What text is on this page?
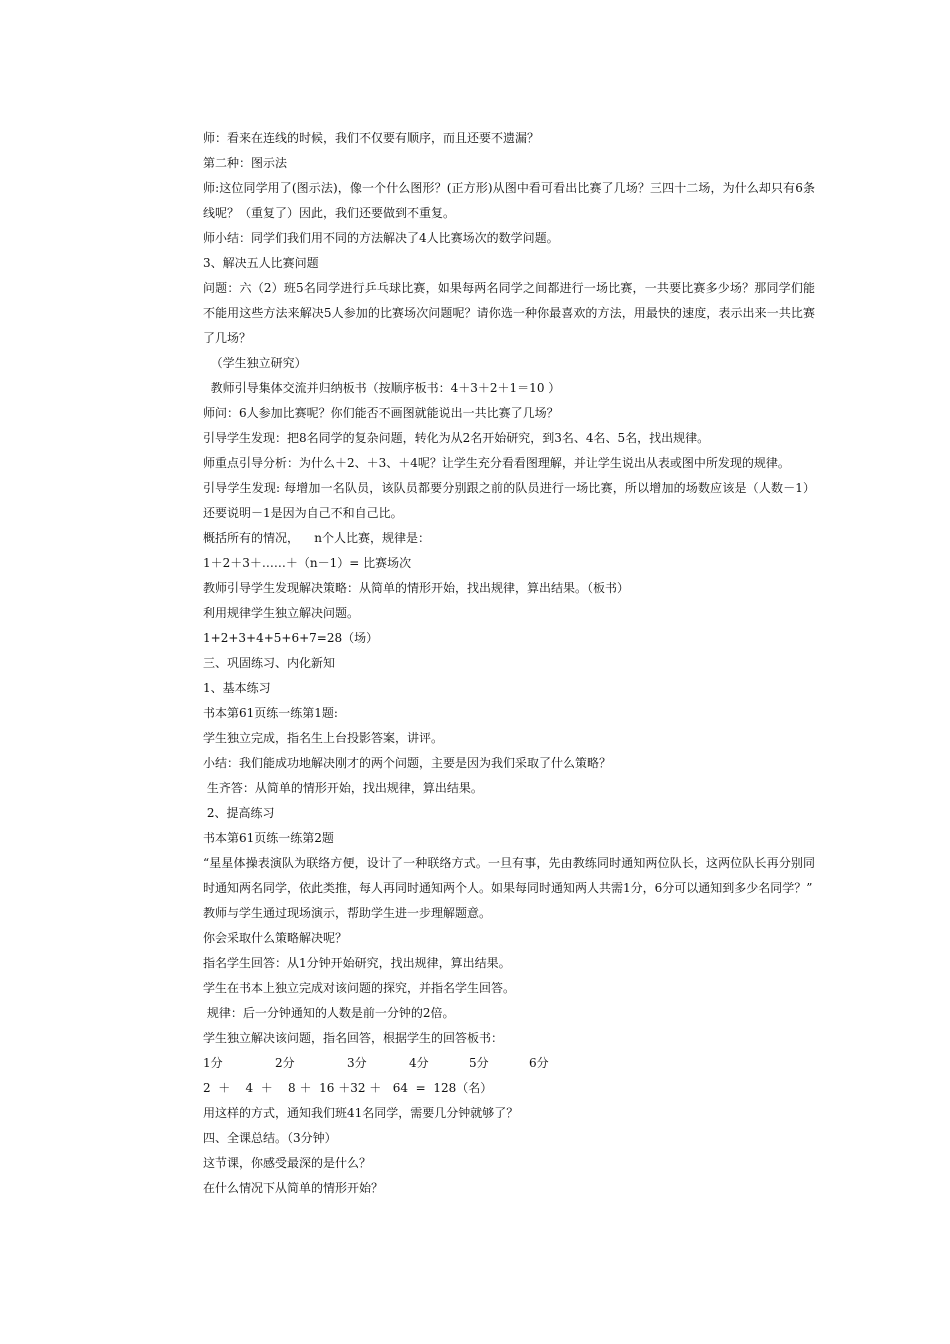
师：看来在连线的时候，我们不仅要有顺序，而且还要不遗漏？

第二种：图示法

师:这位同学用了(图示法)，像一个什么图形？(正方形)从图中看可看出比赛了几场？三四十二场，为什么却只有6条线呢？（重复了）因此，我们还要做到不重复。

师小结：同学们我们用不同的方法解决了4人比赛场次的数学问题。

3、解决五人比赛问题

问题：六（2）班5名同学进行乒乓球比赛，如果每两名同学之间都进行一场比赛，一共要比赛多少场？那同学们能不能用这些方法来解决5人参加的比赛场次问题呢？请你选一种你最喜欢的方法，用最快的速度，表示出来一共比赛了几场？

（学生独立研究）

教师引导集体交流并归纳板书（按顺序板书：4＋3＋2＋1＝10 ）

师问：6人参加比赛呢？你们能否不画图就能说出一共比赛了几场？

引导学生发现：把8名同学的复杂问题，转化为从2名开始研究，到3名、4名、5名，找出规律。

师重点引导分析：为什么＋2、＋3、＋4呢？让学生充分看看图理解，并让学生说出从表或图中所发现的规律。

引导学生发现: 每增加一名队员，该队员都要分别跟之前的队员进行一场比赛，所以增加的场数应该是（人数－1）还要说明－1是因为自己不和自己比。

概括所有的情况，    n个人比赛，规律是：

1＋2＋3＋……＋（n－1）= 比赛场次

教师引导学生发现解决策略：从简单的情形开始，找出规律，算出结果。（板书）

利用规律学生独立解决问题。

1+2+3+4+5+6+7=28（场）

三、巩固练习、内化新知

1、基本练习

书本第61页练一练第1题:

学生独立完成，指名生上台投影答案，讲评。

小结：我们能成功地解决刚才的两个问题，主要是因为我们采取了什么策略？

生齐答：从简单的情形开始，找出规律，算出结果。

2、提高练习

书本第61页练一练第2题

“星星体操表演队为联络方便，设计了一种联络方式。一旦有事，先由教练同时通知两位队长，这两位队长再分别同时通知两名同学，依此类推，每人再同时通知两个人。如果每同时通知两人共需1分，6分可以通知到多少名同学？”

教师与学生通过现场演示，帮助学生进一步理解题意。

你会采取什么策略解决呢？

指名学生回答：从1分钟开始研究，找出规律，算出结果。

学生在书本上独立完成对该问题的探究，并指名学生回答。

规律：后一分钟通知的人数是前一分钟的2倍。

学生独立解决该问题，指名回答，根据学生的回答板书：

1分	2分	3分	4分	5分	6分

2  ＋    4  ＋    8 ＋  16 ＋32 ＋   64  =  128（名）

用这样的方式，通知我们班41名同学，需要几分钟就够了？

四、全课总结。（3分钟）

这节课，你感受最深的是什么？

在什么情况下从简单的情形开始？
